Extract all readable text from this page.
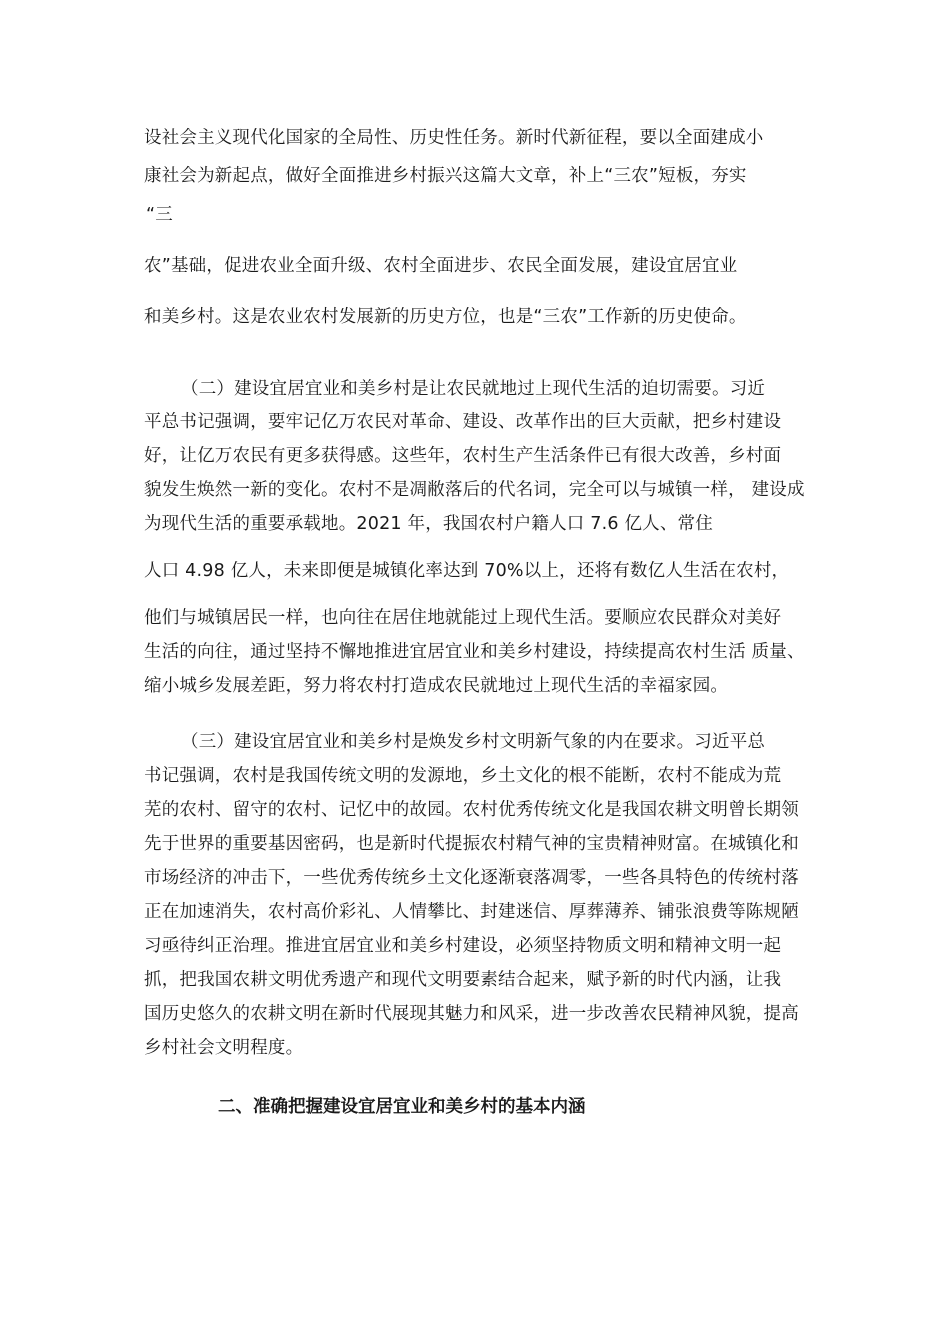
设社会主义现代化国家的全局性、历史性任务。新时代新征程，要以全面建成小
康社会为新起点，做好全面推进乡村振兴这篇大文章，补上“三农”短板，夯实
“三
农”基础，促进农业全面升级、农村全面进步、农民全面发展，建设宜居宜业
和美乡村。这是农业农村发展新的历史方位，也是“三农”工作新的历史使命。
（二）建设宜居宜业和美乡村是让农民就地过上现代生活的迫切需要。习近
平总书记强调，要牢记亿万农民对革命、建设、改革作出的巨大贡献，把乡村建设
好，让亿万农民有更多获得感。这些年，农村生产生活条件已有很大改善，乡村面
貌发生焕然一新的变化。农村不是凋敝落后的代名词，完全可以与城镇一样， 建设成
为现代生活的重要承载地。2021 年，我国农村户籍人口 7.6 亿人、常住
人口 4.98 亿人，未来即便是城镇化率达到 70%以上，还将有数亿人生活在农村，
他们与城镇居民一样，也向往在居住地就能过上现代生活。要顺应农民群众对美好
生活的向往，通过坚持不懈地推进宜居宜业和美乡村建设，持续提高农村生活 质量、
缩小城乡发展差距，努力将农村打造成农民就地过上现代生活的幸福家园。
（三）建设宜居宜业和美乡村是焕发乡村文明新气象的内在要求。习近平总
书记强调，农村是我国传统文明的发源地，乡土文化的根不能断，农村不能成为荒
芜的农村、留守的农村、记忆中的故园。农村优秀传统文化是我国农耕文明曾长期领
先于世界的重要基因密码，也是新时代提振农村精气神的宝贵精神财富。在城镇化和
市场经济的冲击下，一些优秀传统乡土文化逐渐衰落凋零，一些各具特色的传统村落
正在加速消失，农村高价彩礼、人情攀比、封建迷信、厚葬薄养、铺张浪费等陈规陋
习亟待纠正治理。推进宜居宜业和美乡村建设，必须坚持物质文明和精神文明一起
抓，把我国农耕文明优秀遗产和现代文明要素结合起来，赋予新的时代内涵，让我
国历史悠久的农耕文明在新时代展现其魅力和风采，进一步改善农民精神风貌，提高
乡村社会文明程度。
二、准确把握建设宜居宜业和美乡村的基本内涵
